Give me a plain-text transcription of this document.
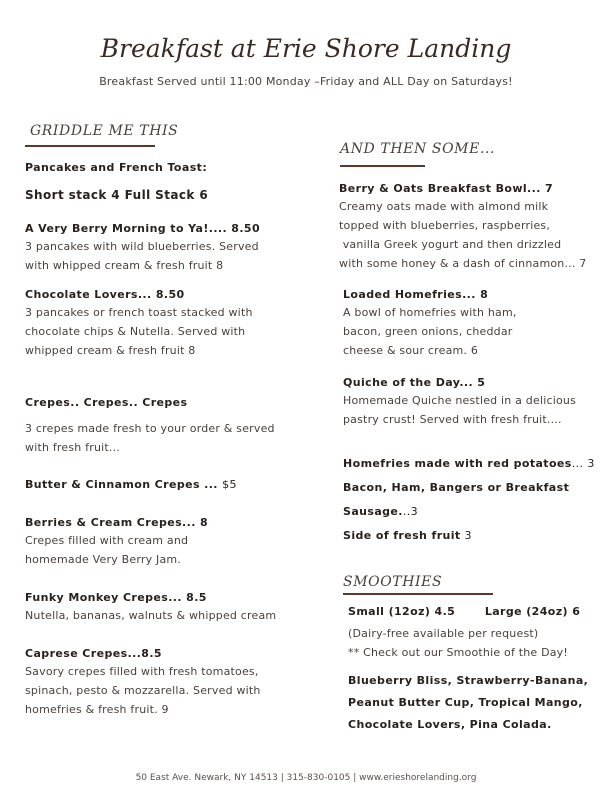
Breakfast at Erie Shore Landing
Breakfast Served until 11:00 Monday –Friday and ALL Day on Saturdays!
GRIDDLE ME THIS
Pancakes and French Toast:
Short stack 4 Full Stack 6
A Very Berry Morning to Ya!.... 8.50
3 pancakes with wild blueberries. Served
with whipped cream & fresh fruit 8
Chocolate Lovers... 8.50
3 pancakes or french toast stacked with
chocolate chips & Nutella. Served with
whipped cream & fresh fruit 8
Crepes.. Crepes.. Crepes
3 crepes made fresh to your order & served
with fresh fruit...
Butter & Cinnamon Crepes ... $5
Berries & Cream Crepes... 8
Crepes filled with cream and
homemade Very Berry Jam.
Funky Monkey Crepes... 8.5
Nutella, bananas, walnuts & whipped cream
Caprese Crepes...8.5
Savory crepes filled with fresh tomatoes,
spinach, pesto & mozzarella. Served with
homefries & fresh fruit. 9
AND THEN SOME...
Berry & Oats Breakfast Bowl... 7
Creamy oats made with almond milk
topped with blueberries, raspberries,
vanilla Greek yogurt and then drizzled
with some honey & a dash of cinnamon... 7
Loaded Homefries... 8
A bowl of homefries with ham,
bacon, green onions, cheddar
cheese & sour cream. 6
Quiche of the Day... 5
Homemade Quiche nestled in a delicious
pastry crust! Served with fresh fruit....
Homefries made with red potatoes... 3
Bacon, Ham, Bangers or Breakfast
Sausage...3
Side of fresh fruit 3
SMOOTHIES
Small (12oz) 4.5       Large (24oz) 6
(Dairy-free available per request)
** Check out our Smoothie of the Day!
Blueberry Bliss, Strawberry-Banana,
Peanut Butter Cup, Tropical Mango,
Chocolate Lovers, Pina Colada.
50 East Ave. Newark, NY 14513 | 315-830-0105 | www.erieshorelanding.org
